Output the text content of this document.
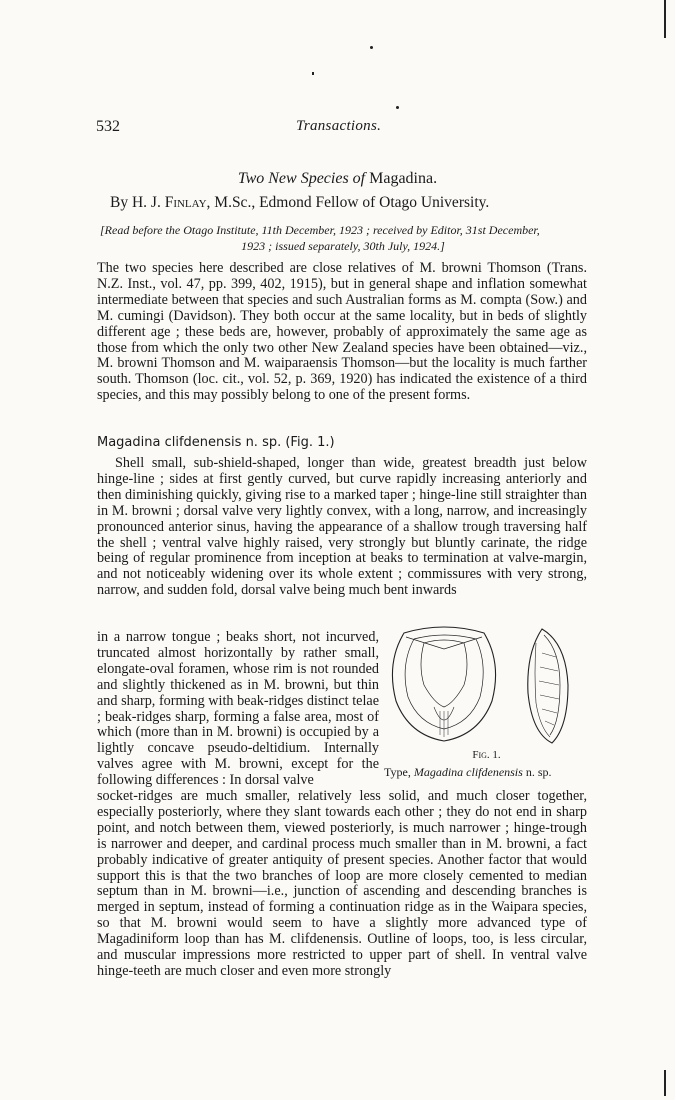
532	Transactions.
Two New Species of Magadina.
By H. J. Finlay, M.Sc., Edmond Fellow of Otago University.
[Read before the Otago Institute, 11th December, 1923 ; received by Editor, 31st December,
1923 ; issued separately, 30th July, 1924.]
The two species here described are close relatives of M. browni Thomson (Trans. N.Z. Inst., vol. 47, pp. 399, 402, 1915), but in general shape and inflation somewhat intermediate between that species and such Australian forms as M. compta (Sow.) and M. cumingi (Davidson). They both occur at the same locality, but in beds of slightly different age ; these beds are, however, probably of approximately the same age as those from which the only two other New Zealand species have been obtained—viz., M. browni Thomson and M. waiparaensis Thomson—but the locality is much farther south. Thomson (loc. cit., vol. 52, p. 369, 1920) has indicated the existence of a third species, and this may possibly belong to one of the present forms.
Magadina clifdenensis n. sp. (Fig. 1.)
Shell small, sub-shield-shaped, longer than wide, greatest breadth just below hinge-line ; sides at first gently curved, but curve rapidly increasing anteriorly and then diminishing quickly, giving rise to a marked taper ; hinge-line still straighter than in M. browni ; dorsal valve very lightly convex, with a long, narrow, and increasingly pronounced anterior sinus, having the appearance of a shallow trough traversing half the shell ; ventral valve highly raised, very strongly but bluntly carinate, the ridge being of regular prominence from inception at beaks to termination at valve-margin, and not noticeably widening over its whole extent ; commissures with very strong, narrow, and sudden fold, dorsal valve being much bent inwards
in a narrow tongue ; beaks short, not incurved, truncated almost horizontally by rather small, elongate-oval foramen, whose rim is not rounded and slightly thickened as in M. browni, but thin and sharp, forming with beak-ridges distinct telae ; beak-ridges sharp, forming a false area, most of which (more than in M. browni) is occupied by a lightly concave pseudo-deltidium. Internally valves agree with M. browni, except for the following differences : In dorsal valve
Fig. 1.
Type, Magadina clifdenensis n. sp.
socket-ridges are much smaller, relatively less solid, and much closer together, especially posteriorly, where they slant towards each other ; they do not end in sharp point, and notch between them, viewed posteriorly, is much narrower ; hinge-trough is narrower and deeper, and cardinal process much smaller than in M. browni, a fact probably indicative of greater antiquity of present species. Another factor that would support this is that the two branches of loop are more closely cemented to median septum than in M. browni—i.e., junction of ascending and descending branches is merged in septum, instead of forming a continuation ridge as in the Waipara species, so that M. browni would seem to have a slightly more advanced type of Magadiniform loop than has M. clifdenensis. Outline of loops, too, is less circular, and muscular impressions more restricted to upper part of shell. In ventral valve hinge-teeth are much closer and even more strongly
